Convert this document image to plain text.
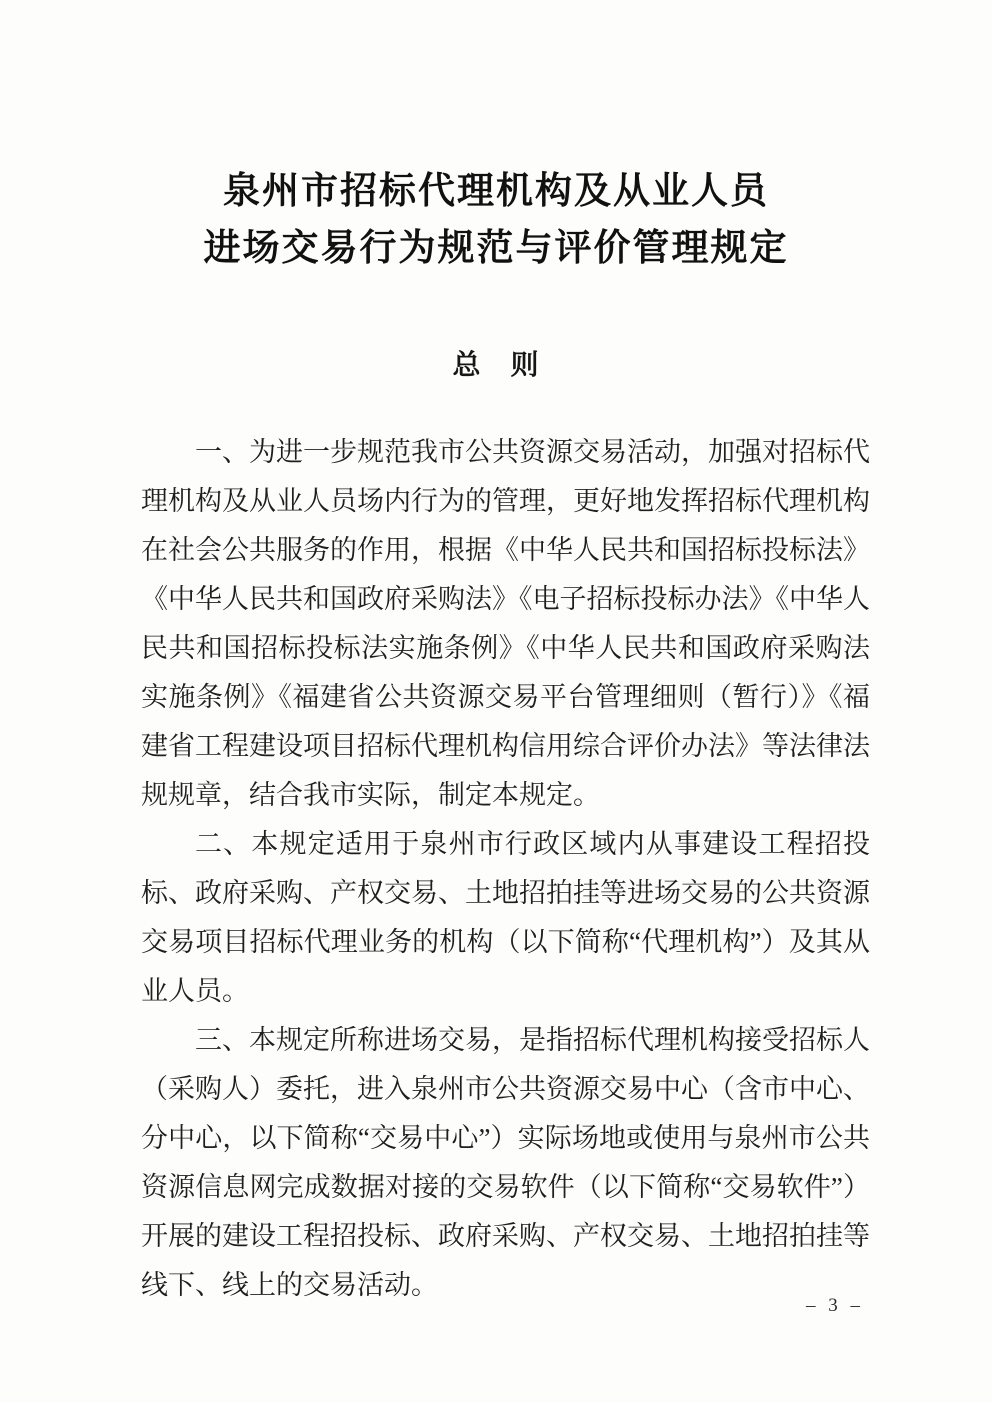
泉州市招标代理机构及从业人员
进场交易行为规范与评价管理规定
总　则

一、为进一步规范我市公共资源交易活动，加强对招标代理机构及从业人员场内行为的管理，更好地发挥招标代理机构在社会公共服务的作用，根据《中华人民共和国招标投标法》《中华人民共和国政府采购法》《电子招标投标办法》《中华人民共和国招标投标法实施条例》《中华人民共和国政府采购法实施条例》《福建省公共资源交易平台管理细则（暂行）》《福建省工程建设项目招标代理机构信用综合评价办法》等法律法规规章，结合我市实际，制定本规定。

二、本规定适用于泉州市行政区域内从事建设工程招投标、政府采购、产权交易、土地招拍挂等进场交易的公共资源交易项目招标代理业务的机构（以下简称“代理机构”）及其从业人员。

三、本规定所称进场交易，是指招标代理机构接受招标人（采购人）委托，进入泉州市公共资源交易中心（含市中心、分中心，以下简称“交易中心”）实际场地或使用与泉州市公共资源信息网完成数据对接的交易软件（以下简称“交易软件”）开展的建设工程招投标、政府采购、产权交易、土地招拍挂等线下、线上的交易活动。

– 3 –
